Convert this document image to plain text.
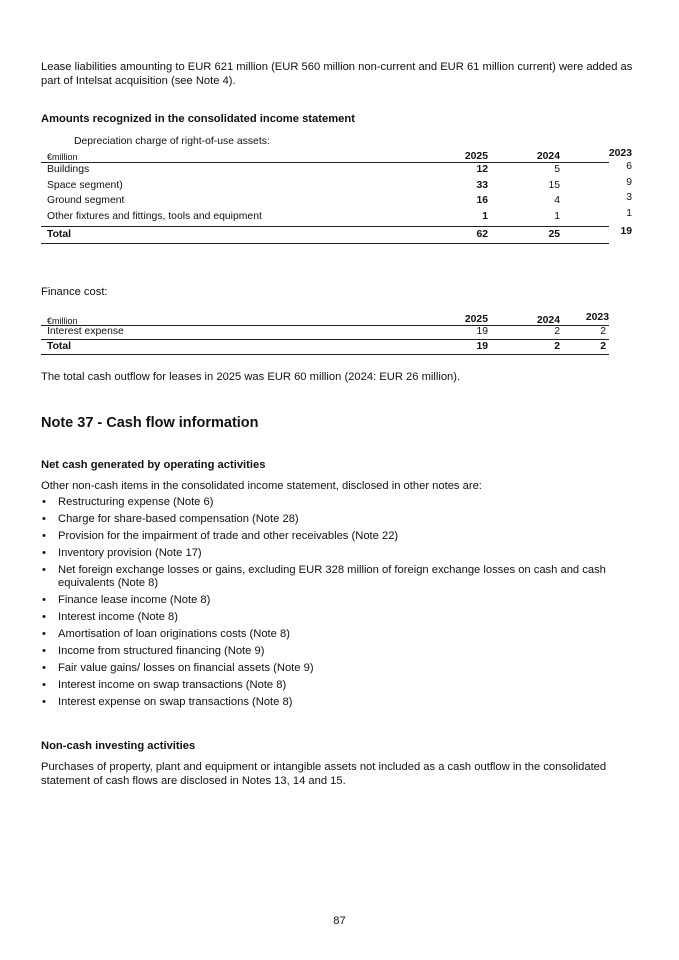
Lease liabilities amounting to EUR 621 million (EUR 560 million non-current and EUR 61 million current) were added as part of Intelsat acquisition (see Note 4).

Amounts recognized in the consolidated income statement

Depreciation charge of right-of-use assets:

€million	2025	2024	2023
Buildings	12	5	6
Space segment)	33	15	9
Ground segment	16	4	3
Other fixtures and fittings, tools and equipment	1	1	1
Total	62	25	19

Finance cost:

€million	2025	2024 2023
Interest expense	19	2	2
Total	19	2	2

The total cash outflow for leases in 2025 was EUR 60 million (2024: EUR 26 million).

Note 37 - Cash flow information

Net cash generated by operating activities

Other non-cash items in the consolidated income statement, disclosed in other notes are:

• Restructuring expense (Note 6)
• Charge for share-based compensation (Note 28)
• Provision for the impairment of trade and other receivables (Note 22)
• Inventory provision (Note 17)
• Net foreign exchange losses or gains, excluding EUR 328 million of foreign exchange losses on cash and cash equivalents (Note 8)
• Finance lease income (Note 8)
• Interest income (Note 8)
• Amortisation of loan originations costs (Note 8)
• Income from structured financing (Note 9)
• Fair value gains/ losses on financial assets (Note 9)
• Interest income on swap transactions (Note 8)
• Interest expense on swap transactions (Note 8)

Non-cash investing activities

Purchases of property, plant and equipment or intangible assets not included as a cash outflow in the consolidated statement of cash flows are disclosed in Notes 13, 14 and 15.

87
